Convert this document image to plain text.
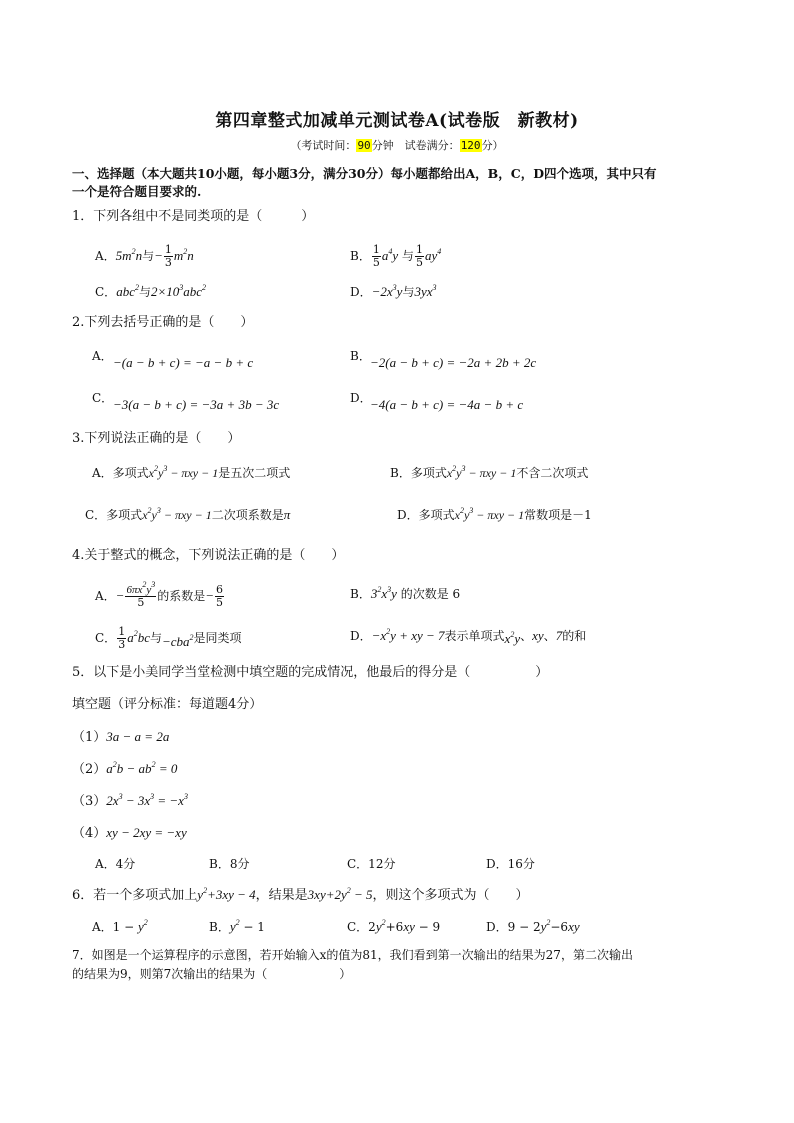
第四章整式加减单元测试卷A(试卷版　新教材)
（考试时间：90分钟　试卷满分：120分）
一、选择题（本大题共10小题，每小题3分，满分30分）每小题都给出A，B，C，D四个选项，其中只有
一个是符合题目要求的.
1．下列各组中不是同类项的是（　　　）
A．$5m^2n$与− $\frac{1}{3} m^2n$	B． $\frac{1}{5} a^4y$ 与 $\frac{1}{5} ay^4$
C．abc$^2$与$2\times 10^3abc^2$	D．$-2x^3y$与$3yx^3$
2.下列去括号正确的是（　　）
A． −(a − b + c) = −a − b + c	B． −2(a − b + c) = −2a + 2b + 2c
C． −3(a − b + c) = −3a + 3b − 3c	D．
−4(a − b + c) = −4a − b + c
3.下列说法正确的是（　　）
A．多项式$x^2y^3 - \pi xy - 1$是五次二项式	B．多项式$x^2y^3 - \pi xy - 1$不含二次项式
C．多项式$x^2y^3 - \pi xy - 1$二次项系数是π	D．多项式$x^2y^3 - \pi xy - 1$常数项是－1
4.关于整式的概念，下列说法正确的是（　　）
A．− $\frac{6\pi x^2y^3}{5}$ 的系数是− $\frac{6}{5}$	B．$3^2x^3y$ 的次数是 6
C． $\frac{1}{3} a^2bc$与−cba$^2$是同类项	D．$-x^2y$ + xy − 7表示单项式$x^2y$、xy、7的和
5．以下是小美同学当堂检测中填空题的完成情况，他最后的得分是（　　　　　）
填空题（评分标准：每道题4分）
（1）3a − a = 2a
$(2)a^2b - ab^2 = 0$
$(3)2x^3 - 3x^3 = -x^3$
（4）xy − 2xy = −xy
A．4分	B．8分	C．12分	D．16分
6．若一个多项式加上$y^2+3xy - 4$，结果是$3xy+2y^2 - 5$，则这个多项式为（　　）
A．$1 - y^2$	B．$y^2 - 1$	C．$2y^2+6xy - 9$	D．$9 - 2y^2-6xy$
7．如图是一个运算程序的示意图，若开始输入x的值为81，我们看到第一次输出的结果为27，第二次输出
的结果为9，则第7次输出的结果为（　　　　　　）
